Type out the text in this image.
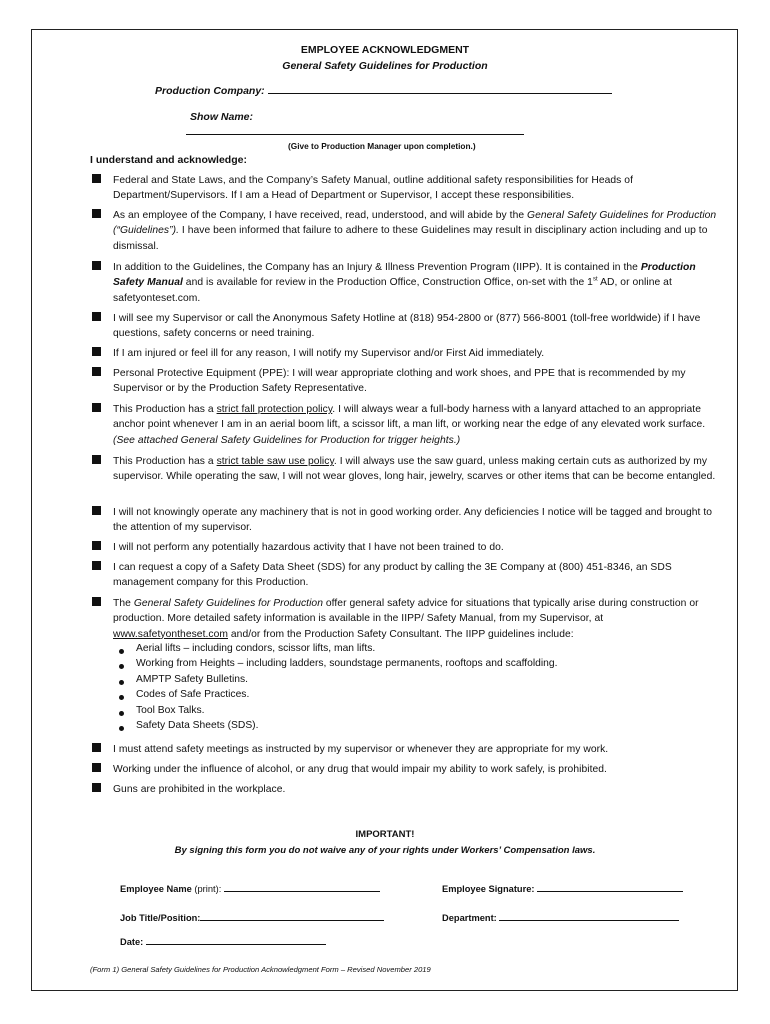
EMPLOYEE ACKNOWLEDGMENT
General Safety Guidelines for Production
Production Company:
Show Name:
(Give to Production Manager upon completion.)
I understand and acknowledge:
Federal and State Laws, and the Company’s Safety Manual, outline additional safety responsibilities for Heads of Department/Supervisors. If I am a Head of Department or Supervisor, I accept these responsibilities.
As an employee of the Company, I have received, read, understood, and will abide by the General Safety Guidelines for Production (“Guidelines”). I have been informed that failure to adhere to these Guidelines may result in disciplinary action including and up to dismissal.
In addition to the Guidelines, the Company has an Injury & Illness Prevention Program (IIPP). It is contained in the Production Safety Manual and is available for review in the Production Office, Construction Office, on-set with the 1st AD, or online at safetyonteset.com.
I will see my Supervisor or call the Anonymous Safety Hotline at (818) 954-2800 or (877) 566-8001 (toll-free worldwide) if I have questions, safety concerns or need training.
If I am injured or feel ill for any reason, I will notify my Supervisor and/or First Aid immediately.
Personal Protective Equipment (PPE): I will wear appropriate clothing and work shoes, and PPE that is recommended by my Supervisor or by the Production Safety Representative.
This Production has a strict fall protection policy. I will always wear a full-body harness with a lanyard attached to an appropriate anchor point whenever I am in an aerial boom lift, a scissor lift, a man lift, or working near the edge of any elevated work surface. (See attached General Safety Guidelines for Production for trigger heights.)
This Production has a strict table saw use policy. I will always use the saw guard, unless making certain cuts as authorized by my supervisor. While operating the saw, I will not wear gloves, long hair, jewelry, scarves or other items that can be become entangled.
I will not knowingly operate any machinery that is not in good working order. Any deficiencies I notice will be tagged and brought to the attention of my supervisor.
I will not perform any potentially hazardous activity that I have not been trained to do.
I can request a copy of a Safety Data Sheet (SDS) for any product by calling the 3E Company at (800) 451-8346, an SDS management company for this Production.
The General Safety Guidelines for Production offer general safety advice for situations that typically arise during construction or production. More detailed safety information is available in the IIPP/ Safety Manual, from my Supervisor, at www.safetyontheset.com and/or from the Production Safety Consultant. The IIPP guidelines include:
Aerial lifts – including condors, scissor lifts, man lifts.
Working from Heights – including ladders, soundstage permanents, rooftops and scaffolding.
AMPTP Safety Bulletins.
Codes of Safe Practices.
Tool Box Talks.
Safety Data Sheets (SDS).
I must attend safety meetings as instructed by my supervisor or whenever they are appropriate for my work.
Working under the influence of alcohol, or any drug that would impair my ability to work safely, is prohibited.
Guns are prohibited in the workplace.
IMPORTANT!
By signing this form you do not waive any of your rights under Workers’ Compensation laws.
Employee Name (print):	Employee Signature:
Job Title/Position:	Department:
Date:
(Form 1) General Safety Guidelines for Production Acknowledgment Form – Revised November 2019
